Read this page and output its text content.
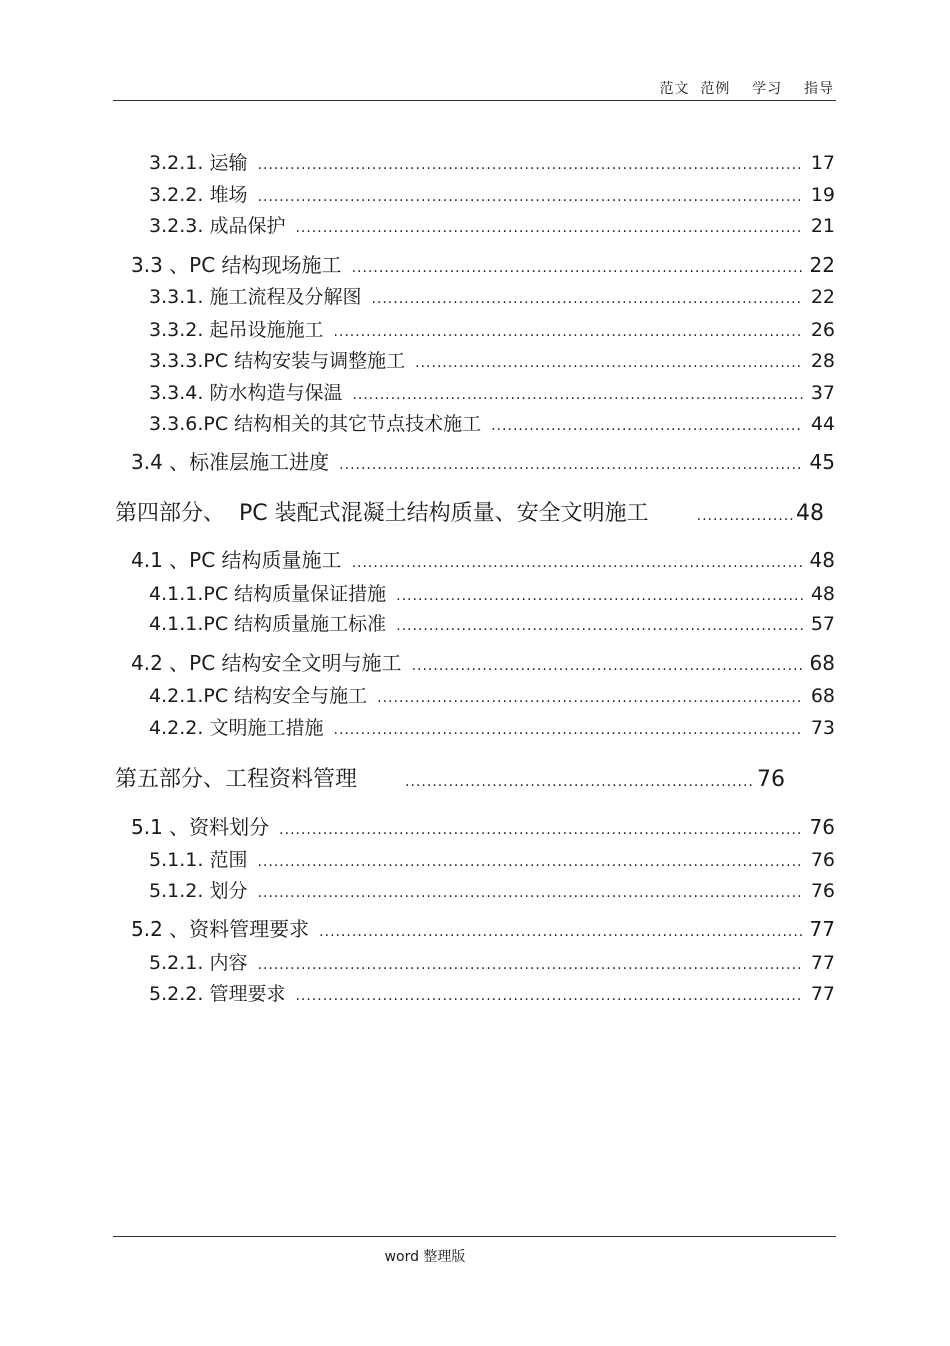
范文  范例    学习    指导
3.2.1. 运输 .....	17
3.2.2. 堆场 .....	19
3.2.3. 成品保护 .....	21
3.3 、 PC 结构现场施工 .....	22
3.3.1. 施工流程及分解图 .....	22
3.3.2. 起吊设施施工 .....	26
3.3.3. PC 结构安装与调整施工 .....	28
3.3.4. 防水构造与保温 .....	37
3.3.6. PC 结构相关的其它节点技术施工 .....	44
3.4 、 标准层施工进度 .....	45
第四部分、 PC 装配式混凝土结构质量、安全文明施工 .....	48
4.1 、 PC 结构质量施工 .....	48
4.1.1. PC 结构质量保证措施 .....	48
4.1.1. PC 结构质量施工标准 .....	57
4.2 、 PC 结构安全文明与施工 .....	68
4.2.1. PC 结构安全与施工 .....	68
4.2.2. 文明施工措施 .....	73
第五部分、 工程资料管理 .....	76
5.1 、 资料划分 .....	76
5.1.1. 范围 .....	76
5.1.2. 划分 .....	76
5.2 、 资料管理要求 .....	77
5.2.1. 内容 .....	77
5.2.2. 管理要求 .....	77
word 整理版
